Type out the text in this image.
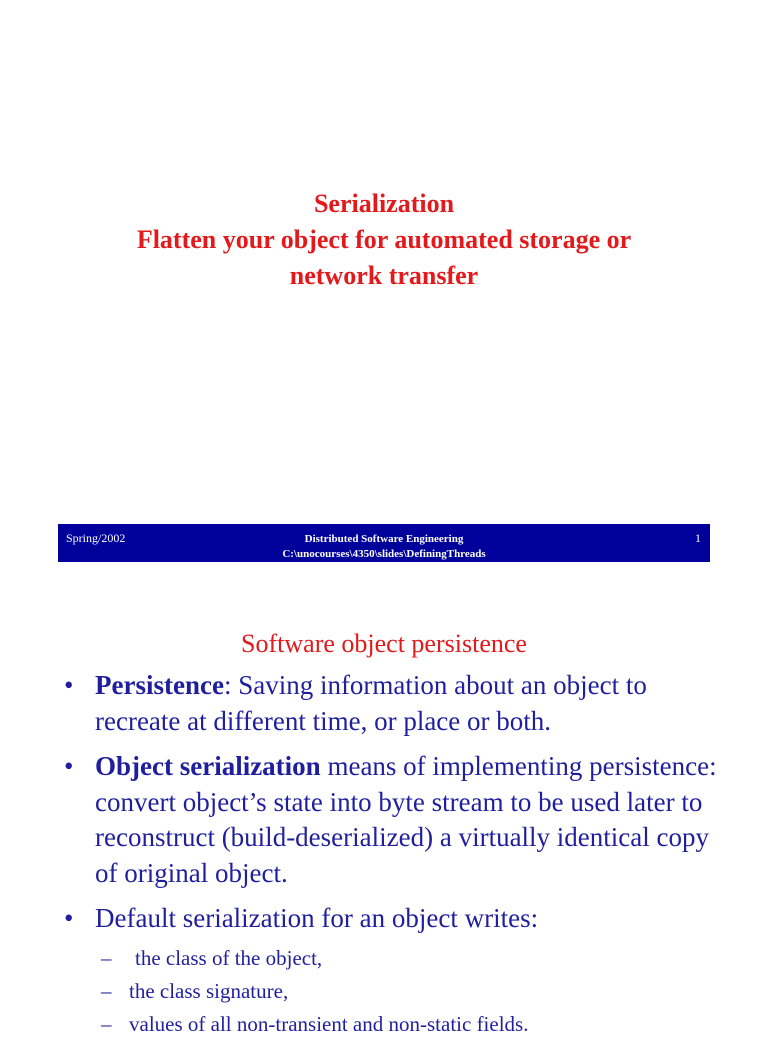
Serialization
Flatten your object for automated storage or
network transfer
Spring/2002	Distributed Software Engineering
C:\unocourses\4350\slides\DefiningThreads
1
Software object persistence
• Persistence: Saving information about an object to recreate at different time, or place or both.
• Object serialization means of implementing persistence: convert object’s state into byte stream to be used later to reconstruct (build-deserialized) a virtually identical copy of original object.
• Default serialization for an object writes:
– the class of the object,
– the class signature,
– values of all non-transient and non-static fields.
